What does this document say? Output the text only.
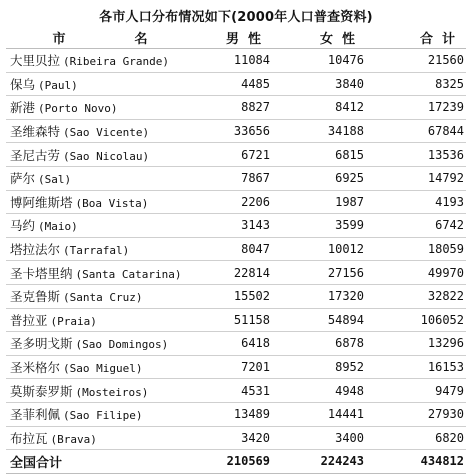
各市人口分布情况如下(2000年人口普查资料)
市　名	男性	女性	合计
大里贝拉 (Ribeira Grande)	11084	10476	21560
保乌 (Paul)	4485	3840	8325
新港 (Porto Novo)	8827	8412	17239
圣维森特 (Sao Vicente)	33656	34188	67844
圣尼古劳 (Sao Nicolau)	6721	6815	13536
萨尔 (Sal)	7867	6925	14792
博阿维斯塔 (Boa Vista)	2206	1987	4193
马约 (Maio)	3143	3599	6742
塔拉法尔 (Tarrafal)	8047	10012	18059
圣卡塔里纳 (Santa Catarina)	22814	27156	49970
圣克鲁斯 (Santa Cruz)	15502	17320	32822
普拉亚 (Praia)	51158	54894	106052
圣多明戈斯 (Sao Domingos)	6418	6878	13296
圣米格尔 (Sao Miguel)	7201	8952	16153
莫斯泰罗斯 (Mosteiros)	4531	4948	9479
圣菲利佩 (Sao Filipe)	13489	14441	27930
布拉瓦 (Brava)	3420	3400	6820
全国合计	210569	224243	434812
